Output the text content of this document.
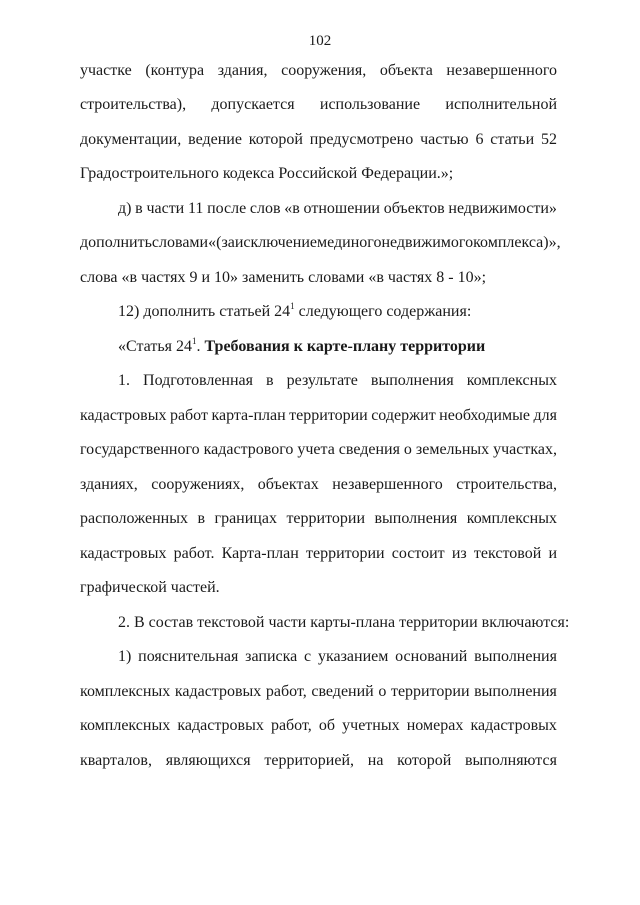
102
участке (контура здания, сооружения, объекта незавершенного
строительства), допускается использование исполнительной
документации, ведение которой предусмотрено частью 6 статьи 52
Градостроительного кодекса Российской Федерации.»;
д) в части 11 после слов «в отношении объектов недвижимости»
дополнить словами «(за исключением единого недвижимого комплекса)»,
слова «в частях 9 и 10» заменить словами «в частях 8 - 10»;
12) дополнить статьей $24^1$ следующего содержания:
«Статья $24^1$. Требования к карте-плану территории
1. Подготовленная в результате выполнения комплексных
кадастровых работ карта-план территории содержит необходимые для
государственного кадастрового учета сведения о земельных участках,
зданиях, сооружениях, объектах незавершенного строительства,
расположенных в границах территории выполнения комплексных
кадастровых работ. Карта-план территории состоит из текстовой и
графической частей.
2. В состав текстовой части карты-плана территории включаются:
1) пояснительная записка с указанием оснований выполнения
комплексных кадастровых работ, сведений о территории выполнения
комплексных кадастровых работ, об учетных номерах кадастровых
кварталов, являющихся территорией, на которой выполняются
